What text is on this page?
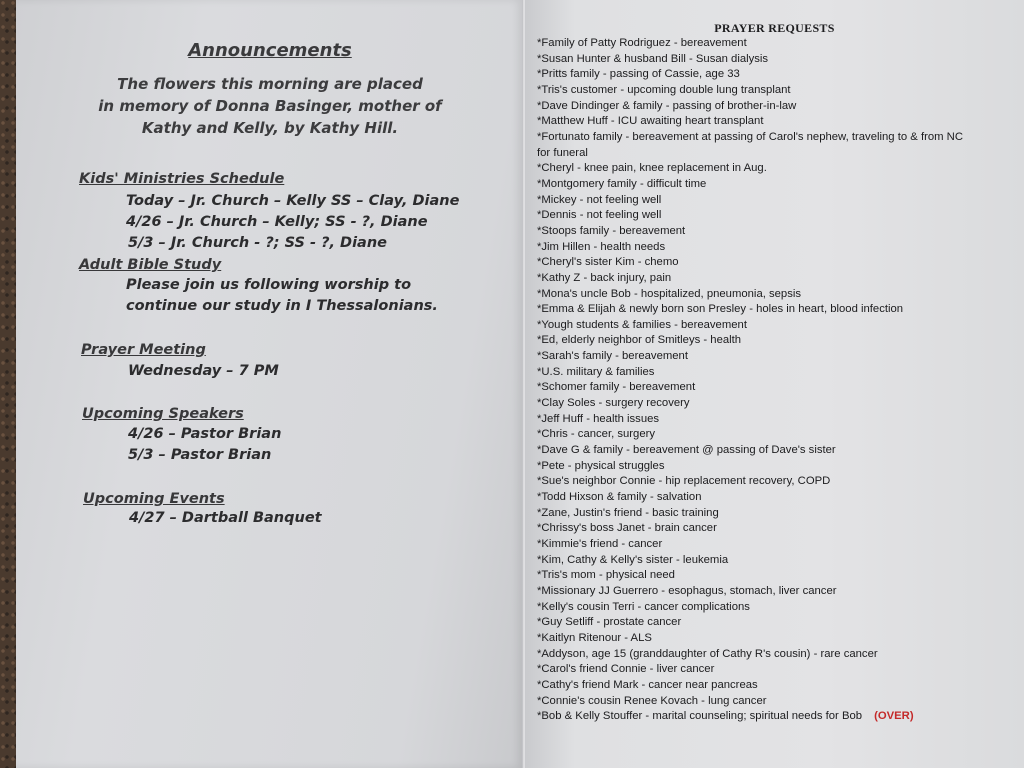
Announcements
The flowers this morning are placed
in memory of Donna Basinger, mother of
Kathy and Kelly, by Kathy Hill.
Kids' Ministries Schedule
Today – Jr. Church – Kelly SS – Clay, Diane
4/26 – Jr. Church – Kelly; SS - ?, Diane
5/3 – Jr. Church - ?; SS - ?, Diane
Adult Bible Study
Please join us following worship to
continue our study in I Thessalonians.
Prayer Meeting
Wednesday – 7 PM
Upcoming Speakers
4/26 – Pastor Brian
5/3 – Pastor Brian
Upcoming Events
4/27 – Dartball Banquet
PRAYER REQUESTS
*Family of Patty Rodriguez - bereavement
*Susan Hunter & husband Bill - Susan dialysis
*Pritts family - passing of Cassie, age 33
*Tris's customer - upcoming double lung transplant
*Dave Dindinger & family - passing of brother-in-law
*Matthew Huff - ICU awaiting heart transplant
*Fortunato family - bereavement at passing of Carol's nephew, traveling to & from NC for funeral
*Cheryl - knee pain, knee replacement in Aug.
*Montgomery family - difficult time
*Mickey - not feeling well
*Dennis - not feeling well
*Stoops family - bereavement
*Jim Hillen - health needs
*Cheryl's sister Kim - chemo
*Kathy Z - back injury, pain
*Mona's uncle Bob - hospitalized, pneumonia, sepsis
*Emma & Elijah & newly born son Presley - holes in heart, blood infection
*Yough students & families - bereavement
*Ed, elderly neighbor of Smitleys - health
*Sarah's family - bereavement
*U.S. military & families
*Schomer family - bereavement
*Clay Soles - surgery recovery
*Jeff Huff - health issues
*Chris - cancer, surgery
*Dave G & family - bereavement @ passing of Dave's sister
*Pete - physical struggles
*Sue's neighbor Connie - hip replacement recovery, COPD
*Todd Hixson & family - salvation
*Zane, Justin's friend - basic training
*Chrissy's boss Janet - brain cancer
*Kimmie's friend - cancer
*Kim, Cathy & Kelly's sister - leukemia
*Tris's mom - physical need
*Missionary JJ Guerrero - esophagus, stomach, liver cancer
*Kelly's cousin Terri - cancer complications
*Guy Setliff - prostate cancer
*Kaitlyn Ritenour - ALS
*Addyson, age 15 (granddaughter of Cathy R's cousin) - rare cancer
*Carol's friend Connie - liver cancer
*Cathy's friend Mark - cancer near pancreas
*Connie's cousin Renee Kovach - lung cancer
*Bob & Kelly Stouffer - marital counseling; spiritual needs for Bob (OVER)
